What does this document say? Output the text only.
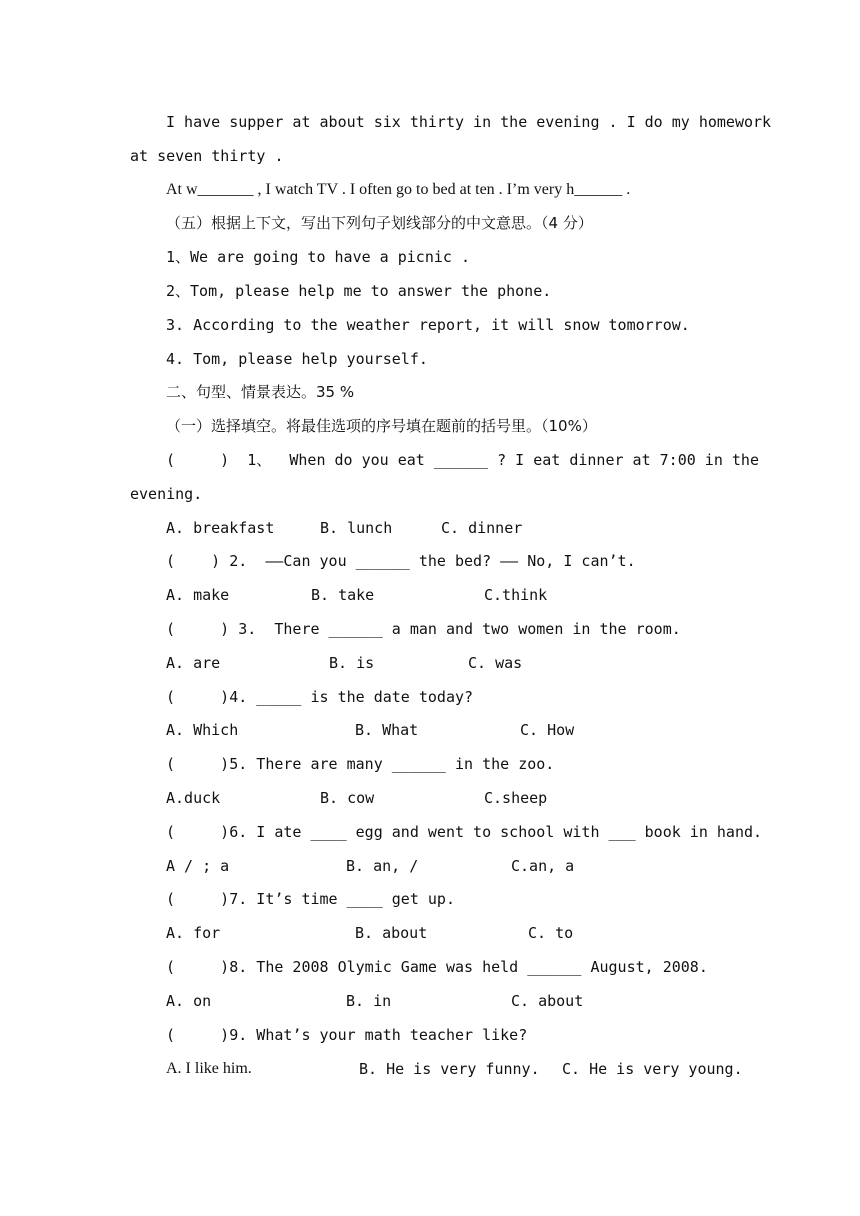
I have supper at about six thirty in the evening . I do my homework
at seven thirty .
At w_______ , I watch TV . I often go to bed at ten . I’m very h______ .
（五）根据上下文，写出下列句子划线部分的中文意思。（4 分）
1、We are going to have a picnic .
2、Tom, please help me to answer the phone.
3. According to the weather report, it will snow tomorrow.
4. Tom, please help yourself.
二、句型、情景表达。35 %
（一）选择填空。将最佳选项的序号填在题前的括号里。（10%）
(     )  1、  When do you eat ______ ? I eat dinner at 7:00 in the
evening.
A. breakfast	B. lunch	C. dinner
(    ) 2.  ——Can you ______ the bed? —— No, I can’t.
A. make	B. take	C.think
(     ) 3.  There ______ a man and two women in the room.
A. are	B. is	C. was
(     )4. _____ is the date today?
A. Which	B. What	C. How
(     )5. There are many ______ in the zoo.
A.duck	B. cow	C.sheep
(     )6. I ate ____ egg and went to school with ___ book in hand.
A / ; a	B. an, /	C.an, a
(     )7. It’s time ____ get up.
A. for	B. about	C. to
(     )8. The 2008 Olymic Game was held ______ August, 2008.
A. on	B. in	C. about
(     )9. What’s your math teacher like?
A. I like him.	B. He is very funny. C. He is very young.
